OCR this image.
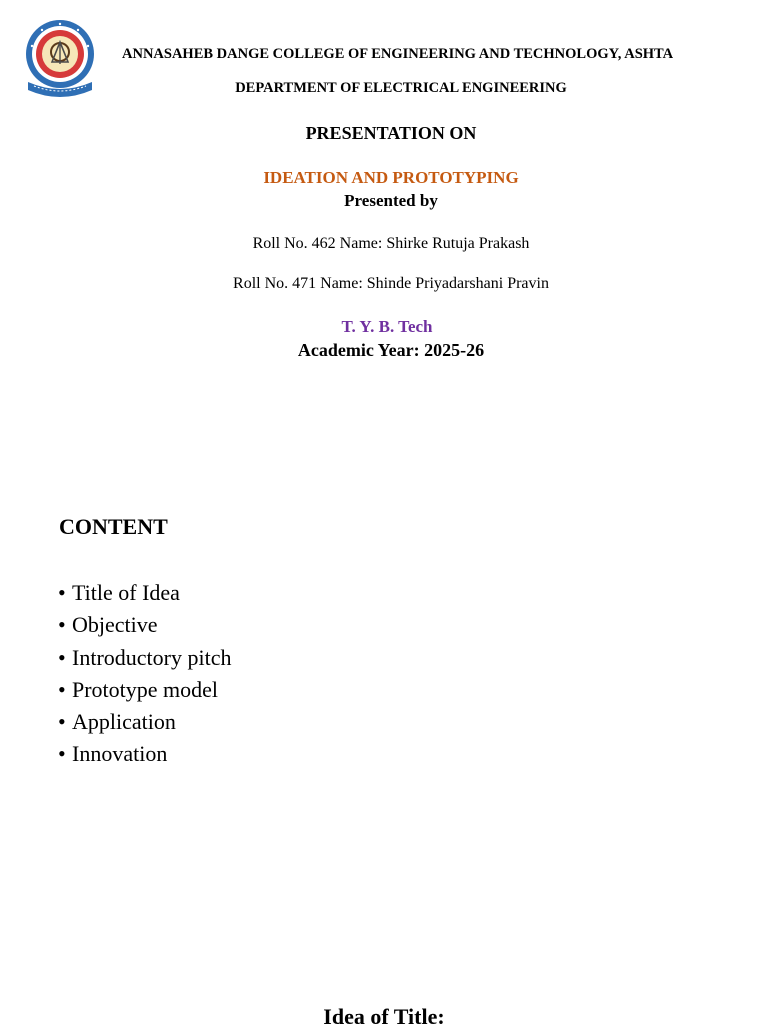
ANNASAHEB DANGE COLLEGE OF ENGINEERING AND TECHNOLOGY, ASHTA
DEPARTMENT OF ELECTRICAL ENGINEERING
PRESENTATION ON
IDEATION AND PROTOTYPING
Presented by
Roll No. 462 Name: Shirke Rutuja Prakash
Roll No. 471 Name: Shinde Priyadarshani Pravin
T. Y. B. Tech
Academic Year: 2025-26
CONTENT
• Title of Idea
• Objective
• Introductory pitch
• Prototype model
• Application
• Innovation
Idea of Title:
